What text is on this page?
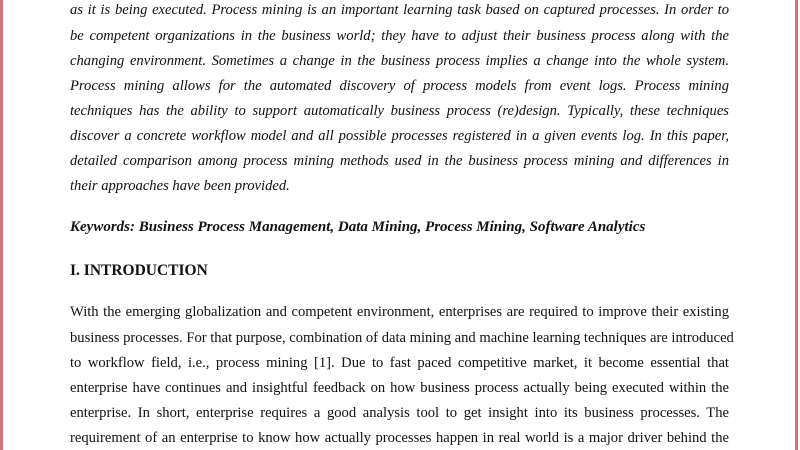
as it is being executed. Process mining is an important learning task based on captured processes. In order to
be competent organizations in the business world; they have to adjust their business process along with the
changing environment. Sometimes a change in the business process implies a change into the whole system.
Process mining allows for the automated discovery of process models from event logs. Process mining
techniques has the ability to support automatically business process (re)design. Typically, these techniques
discover a concrete workflow model and all possible processes registered in a given events log. In this paper,
detailed comparison among process mining methods used in the business process mining and differences in
their approaches have been provided.
Keywords: Business Process Management, Data Mining, Process Mining, Software Analytics
I. INTRODUCTION
With the emerging globalization and competent environment, enterprises are required to improve their existing
business processes. For that purpose, combination of data mining and machine learning techniques are introduced
to workflow field, i.e., process mining [1]. Due to fast paced competitive market, it become essential that
enterprise have continues and insightful feedback on how business process actually being executed within the
enterprise. In short, enterprise requires a good analysis tool to get insight into its business processes. The
requirement of an enterprise to know how actually processes happen in real world is a major driver behind the
